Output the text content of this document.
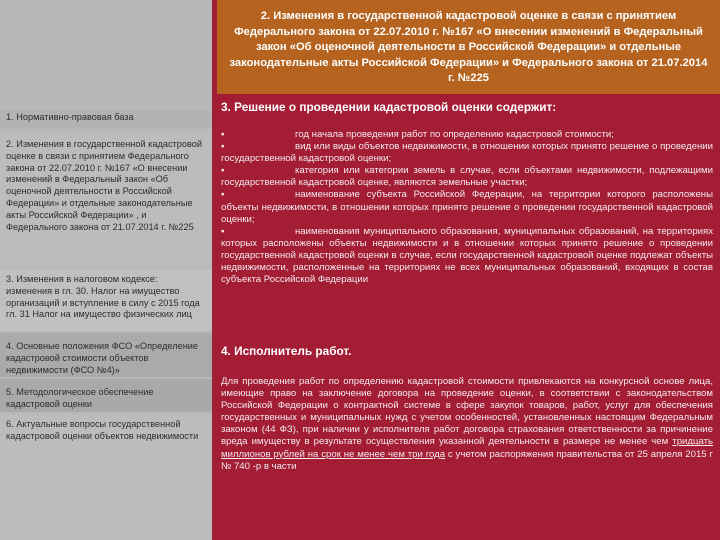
1. Нормативно-правовая база
2. Изменения в государственной кадастровой оценке в связи с принятием Федерального закона от 22.07.2010 г. №167 «О внесении изменений в Федеральный закон «Об оценочной деятельности в Российской Федерации» и отдельные законодательные акты Российской Федерации» , и Федерального закона от 21.07.2014 г. №225
3. Изменения в налоговом кодексе: изменения в гл. 30. Налог на имущество организаций и вступление в силу с 2015 года гл. 31 Налог на имущество физических лиц
4. Основные положения ФСО «Определение кадастровой стоимости объектов недвижимости (ФСО №4)»
5. Методологическое обеспечение кадастровой оценки
6. Актуальные вопросы государственной кадастровой оценки объектов недвижимости
2. Изменения в государственной кадастровой оценке в связи с принятием Федерального закона от 22.07.2010 г. №167 «О внесении изменений в Федеральный закон «Об оценочной деятельности в Российской Федерации» и отдельные законодательные акты Российской Федерации» и Федерального закона от 21.07.2014 г. №225
3. Решение о проведении кадастровой оценки содержит:
▪	год начала проведения работ по определению кадастровой стоимости;
▪	вид или виды объектов недвижимости, в отношении которых принято решение о проведении государственной кадастровой оценки;
▪	категория или категории земель в случае, если объектами недвижимости, подлежащими государственной кадастровой оценке, являются земельные участки;
▪	наименование субъекта Российской Федерации, на территории которого расположены объекты недвижимости, в отношении которых принято решение о проведении государственной кадастровой оценки;
▪	наименования муниципального образования, муниципальных образований, на территориях которых расположены объекты недвижимости и в отношении которых принято решение о проведении государственной кадастровой оценки в случае, если государственной кадастровой оценке подлежат объекты недвижимости, расположенные на территориях не всех муниципальных образований, входящих в состав субъекта Российской Федерации
4. Исполнитель работ.
Для проведения работ по определению кадастровой стоимости привлекаются на конкурсной основе лица, имеющие право на заключение договора на проведение оценки, в соответствии с законодательством Российской Федерации о контрактной системе в сфере закупок товаров, работ, услуг для обеспечения государственных и муниципальных нужд с учетом особенностей, установленных настоящим Федеральным законом (44 ФЗ), при наличии у исполнителя работ договора страхования ответственности за причинение вреда имуществу в результате осуществления указанной деятельности в размере не менее чем тридцать миллионов рублей на срок не менее чем три года с учетом распоряжения правительства от 25 апреля 2015 г № 740 -р в части
